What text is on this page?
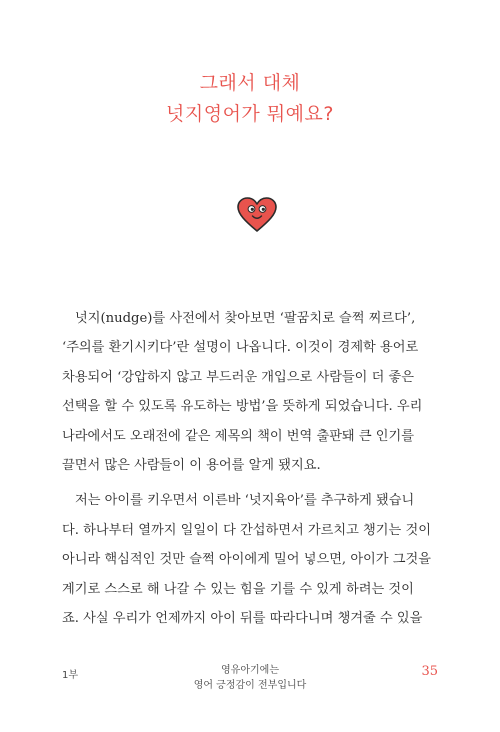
그래서 대체
넛지영어가 뭐예요?
넛지(nudge)를 사전에서 찾아보면 ‘팔꿈치로 슬쩍 찌르다’,
‘주의를 환기시키다’란 설명이 나옵니다. 이것이 경제학 용어로
차용되어 ‘강압하지 않고 부드러운 개입으로 사람들이 더 좋은
선택을 할 수 있도록 유도하는 방법’을 뜻하게 되었습니다. 우리
나라에서도 오래전에 같은 제목의 책이 번역 출판돼 큰 인기를
끌면서 많은 사람들이 이 용어를 알게 됐지요.
저는 아이를 키우면서 이른바 ‘넛지육아’를 추구하게 됐습니
다. 하나부터 열까지 일일이 다 간섭하면서 가르치고 챙기는 것이
아니라 핵심적인 것만 슬쩍 아이에게 밀어 넣으면, 아이가 그것을
계기로 스스로 해 나갈 수 있는 힘을 기를 수 있게 하려는 것이
죠. 사실 우리가 언제까지 아이 뒤를 따라다니며 챙겨줄 수 있을
1부	영유아기에는
영어 긍정감이 전부입니다
35
